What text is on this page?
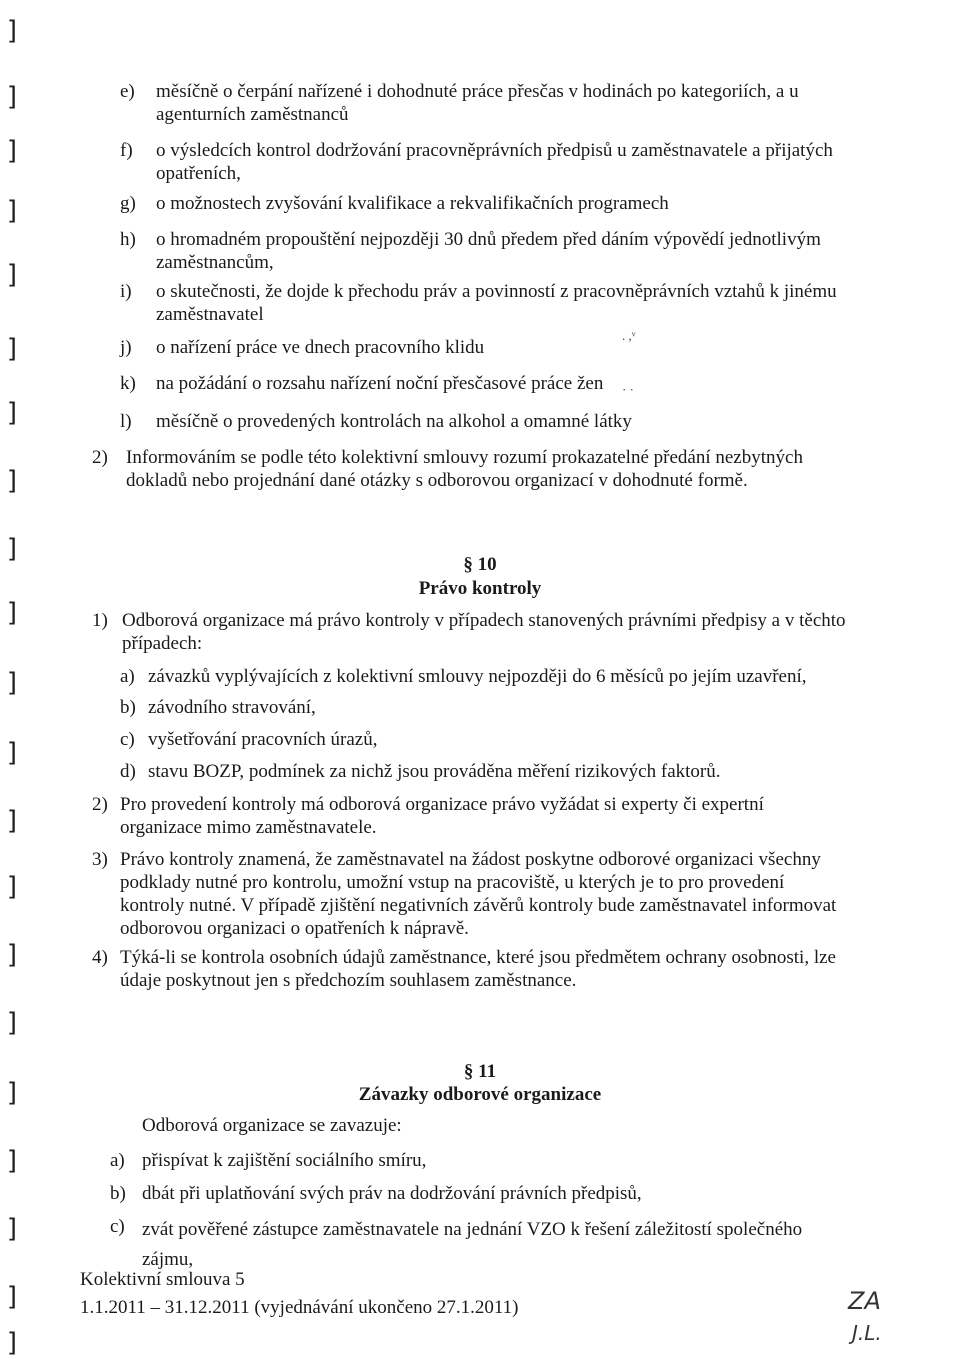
]
]
]
]
]
]
]
]
]
]
]
]
]
]
]
]
]
]
]
]
]
e) měsíčně o čerpání nařízené i dohodnuté práce přesčas v hodinách po kategoriích, a u
agenturních zaměstnanců
f) o výsledcích kontrol dodržování pracovněprávních předpisů u zaměstnavatele a přijatých
opatřeních,
g) o možnostech zvyšování kvalifikace a rekvalifikačních programech
h) o hromadném propouštění nejpozději 30 dnů předem před dáním výpovědí jednotlivým
zaměstnancům,
i) o skutečnosti, že dojde k přechodu práv a povinností z pracovněprávních vztahů k jinému
zaměstnavatel
j) o nařízení práce ve dnech pracovního klidu
k) na požádání o rozsahu nařízení noční přesčasové práce žen
. ,ᵛ
· ·
l) měsíčně o provedených kontrolách na alkohol a omamné látky
2) Informováním se podle této kolektivní smlouvy rozumí prokazatelné předání nezbytných
dokladů nebo projednání dané otázky s odborovou organizací v dohodnuté formě.
§ 10
Právo kontroly
1) Odborová organizace má právo kontroly v případech stanovených právními předpisy a v těchto
případech:
a) závazků vyplývajících z kolektivní smlouvy nejpozději do 6 měsíců po jejím uzavření,
b) závodního stravování,
c) vyšetřování pracovních úrazů,
d) stavu BOZP, podmínek za nichž jsou prováděna měření rizikových faktorů.
2) Pro provedení kontroly má odborová organizace právo vyžádat si experty či expertní
organizace mimo zaměstnavatele.
3) Právo kontroly znamená, že zaměstnavatel na žádost poskytne odborové organizaci všechny
podklady nutné pro kontrolu, umožní vstup na pracoviště, u kterých je to pro provedení
kontroly nutné. V případě zjištění negativních závěrů kontroly bude zaměstnavatel informovat
odborovou organizaci o opatřeních k nápravě.
4) Týká-li se kontrola osobních údajů zaměstnance, které jsou předmětem ochrany osobnosti, lze
údaje poskytnout jen s předchozím souhlasem zaměstnance.
§ 11
Závazky odborové organizace
Odborová organizace se zavazuje:
a) přispívat k zajištění sociálního smíru,
b) dbát při uplatňování svých práv na dodržování právních předpisů,
c) zvát pověřené zástupce zaměstnavatele na jednání VZO k řešení záležitostí společného
zájmu,
Kolektivní smlouva 5
1.1.2011 – 31.12.2011 (vyjednávání ukončeno 27.1.2011)	ZA
J.L.
